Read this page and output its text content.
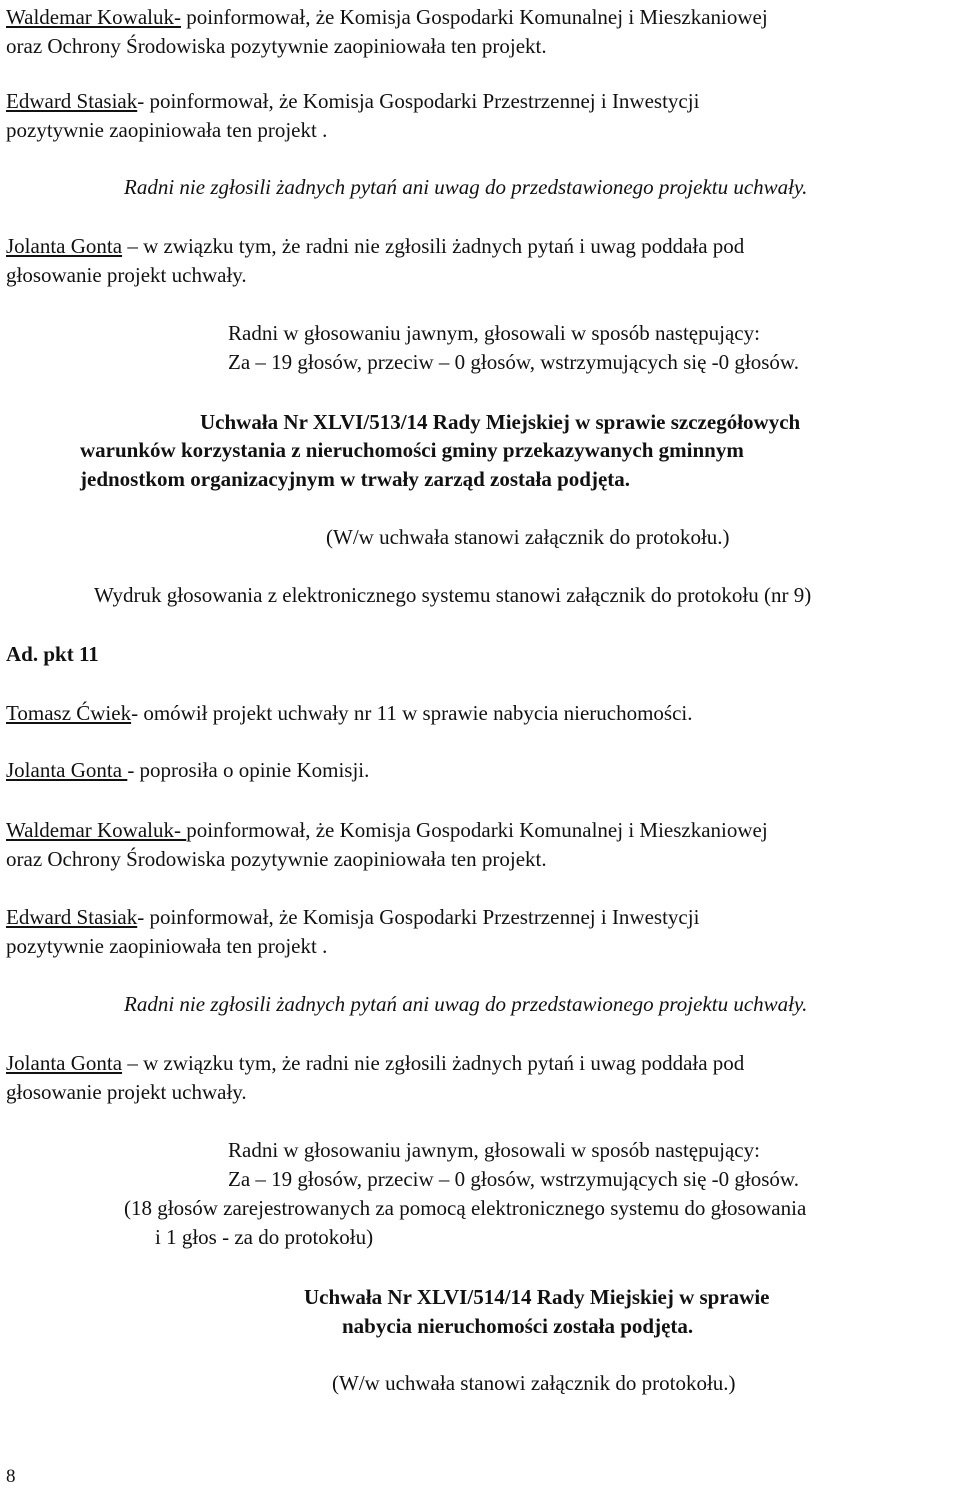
Waldemar Kowaluk- poinformował, że Komisja Gospodarki Komunalnej i Mieszkaniowej
oraz Ochrony Środowiska pozytywnie zaopiniowała ten projekt.
Edward Stasiak- poinformował, że Komisja Gospodarki Przestrzennej i Inwestycji
pozytywnie zaopiniowała ten projekt .
Radni nie zgłosili żadnych pytań ani uwag do przedstawionego projektu uchwały.
Jolanta Gonta – w związku tym, że radni nie zgłosili żadnych pytań i uwag poddała pod
głosowanie projekt uchwały.
Radni w głosowaniu jawnym, głosowali w sposób następujący:
Za – 19 głosów, przeciw – 0 głosów, wstrzymujących się -0 głosów.
Uchwała Nr XLVI/513/14 Rady Miejskiej w sprawie szczegółowych
warunków korzystania z nieruchomości gminy przekazywanych gminnym
jednostkom organizacyjnym w trwały zarząd została podjęta.
(W/w uchwała stanowi załącznik do protokołu.)
Wydruk głosowania z elektronicznego systemu stanowi załącznik do protokołu (nr 9)
Ad. pkt 11
Tomasz Ćwiek- omówił projekt uchwały nr 11 w sprawie nabycia nieruchomości.
Jolanta Gonta - poprosiła o opinie Komisji.
Waldemar Kowaluk- poinformował, że Komisja Gospodarki Komunalnej i Mieszkaniowej
oraz Ochrony Środowiska pozytywnie zaopiniowała ten projekt.
Edward Stasiak- poinformował, że Komisja Gospodarki Przestrzennej i Inwestycji
pozytywnie zaopiniowała ten projekt .
Radni nie zgłosili żadnych pytań ani uwag do przedstawionego projektu uchwały.
Jolanta Gonta – w związku tym, że radni nie zgłosili żadnych pytań i uwag poddała pod
głosowanie projekt uchwały.
Radni w głosowaniu jawnym, głosowali w sposób następujący:
Za – 19 głosów, przeciw – 0 głosów, wstrzymujących się -0 głosów.
(18 głosów zarejestrowanych za pomocą elektronicznego systemu do głosowania
i 1 głos - za do protokołu)
Uchwała Nr XLVI/514/14 Rady Miejskiej w sprawie
nabycia nieruchomości została podjęta.
(W/w uchwała stanowi załącznik do protokołu.)
8
